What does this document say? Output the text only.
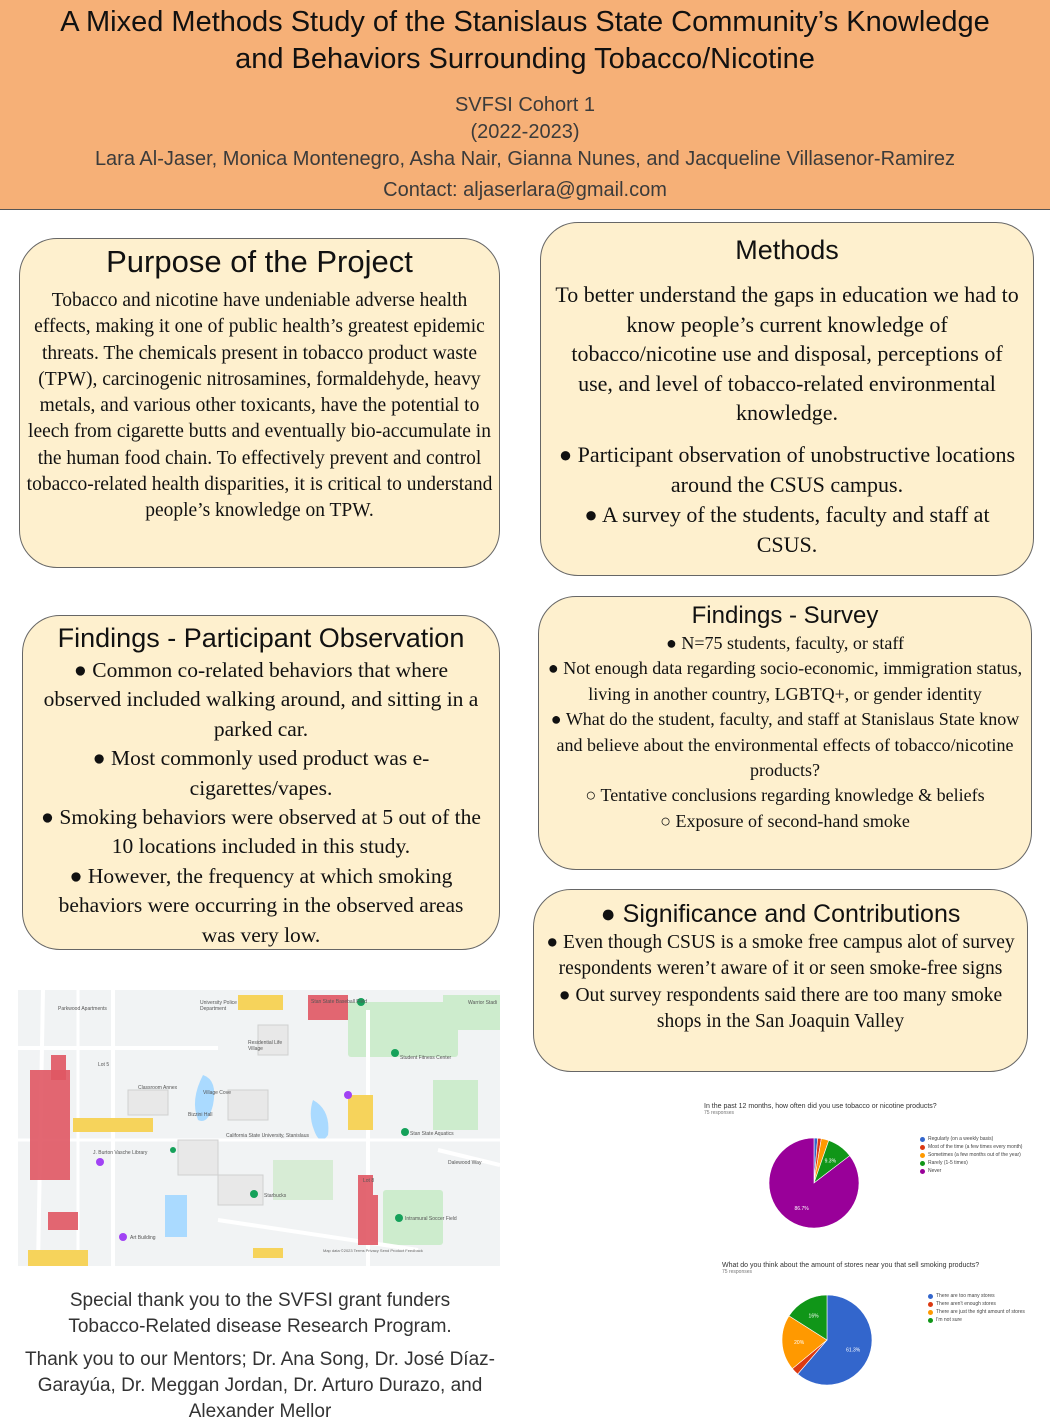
A Mixed Methods Study of the Stanislaus State Community’s Knowledge
and Behaviors Surrounding Tobacco/Nicotine
SVFSI Cohort 1
(2022-2023)
Lara Al-Jaser, Monica Montenegro, Asha Nair, Gianna Nunes, and Jacqueline Villasenor-Ramirez
Contact: aljaserlara@gmail.com
Purpose of the Project
Tobacco and nicotine have undeniable adverse health effects, making it one of public health’s greatest epidemic threats. The chemicals present in tobacco product waste (TPW), carcinogenic nitrosamines, formaldehyde, heavy metals, and various other toxicants, have the potential to leech from cigarette butts and eventually bio-accumulate in the human food chain. To effectively prevent and control tobacco-related health disparities, it is critical to understand people’s knowledge on TPW.
Methods
To better understand the gaps in education we had to know people’s current knowledge of tobacco/nicotine use and disposal, perceptions of use, and level of tobacco-related environmental knowledge.
● Participant observation of unobstructive locations around the CSUS campus.
● A survey of the students, faculty and staff at CSUS.
Findings - Participant Observation
● Common co-related behaviors that where observed included walking around, and sitting in a parked car.
● Most commonly used product was e-cigarettes/vapes.
● Smoking behaviors were observed at 5 out of the 10 locations included in this study.
● However, the frequency at which smoking behaviors were occurring in the observed areas was very low.
Findings - Survey
● N=75 students, faculty, or staff
● Not enough data regarding socio-economic, immigration status, living in another country, LGBTQ+, or gender identity
● What do the student, faculty, and staff at Stanislaus State know and believe about the environmental effects of tobacco/nicotine products?
○ Tentative conclusions regarding knowledge & beliefs
○ Exposure of second-hand smoke
● Significance and Contributions
● Even though CSUS is a smoke free campus alot of survey respondents weren’t aware of it or seen smoke-free signs
● Out survey respondents said there are too many smoke shops in the San Joaquin Valley
Parkwood Apartments
University Police Department
Stan State Baseball Field	Warrior Stadi
Residential Life Village
Lot 5
Classroom Annex
Bizzini Hall
Village Cove
California State University, Stanislaus
J. Burton Vasche Library
Student Fitness Center
Stan State Aquatics
Lot 8
Starbucks
Intramural Soccer Field
Art Building
Dalewood Way
Map data ©2023 Terms Privacy Send Product Feedback
In the past 12 months, how often did you use tobacco or nicotine products?
75 responses
9.3%
86.7%
Regularly (on a weekly basis)
Most of the time (a few times every month)
Sometimes (a few months out of the year)
Rarely (1-5 times)
Never
What do you think about the amount of stores near you that sell smoking products?
75 responses
61.3%
20%
16%
There are too many stores
There aren't enough stores
There are just the right amount of stores
I'm not sure
Special thank you to the SVFSI grant funders Tobacco-Related disease Research Program.
Thank you to our Mentors; Dr. Ana Song, Dr. José Díaz-Garayúa, Dr. Meggan Jordan, Dr. Arturo Durazo, and Alexander Mellor
